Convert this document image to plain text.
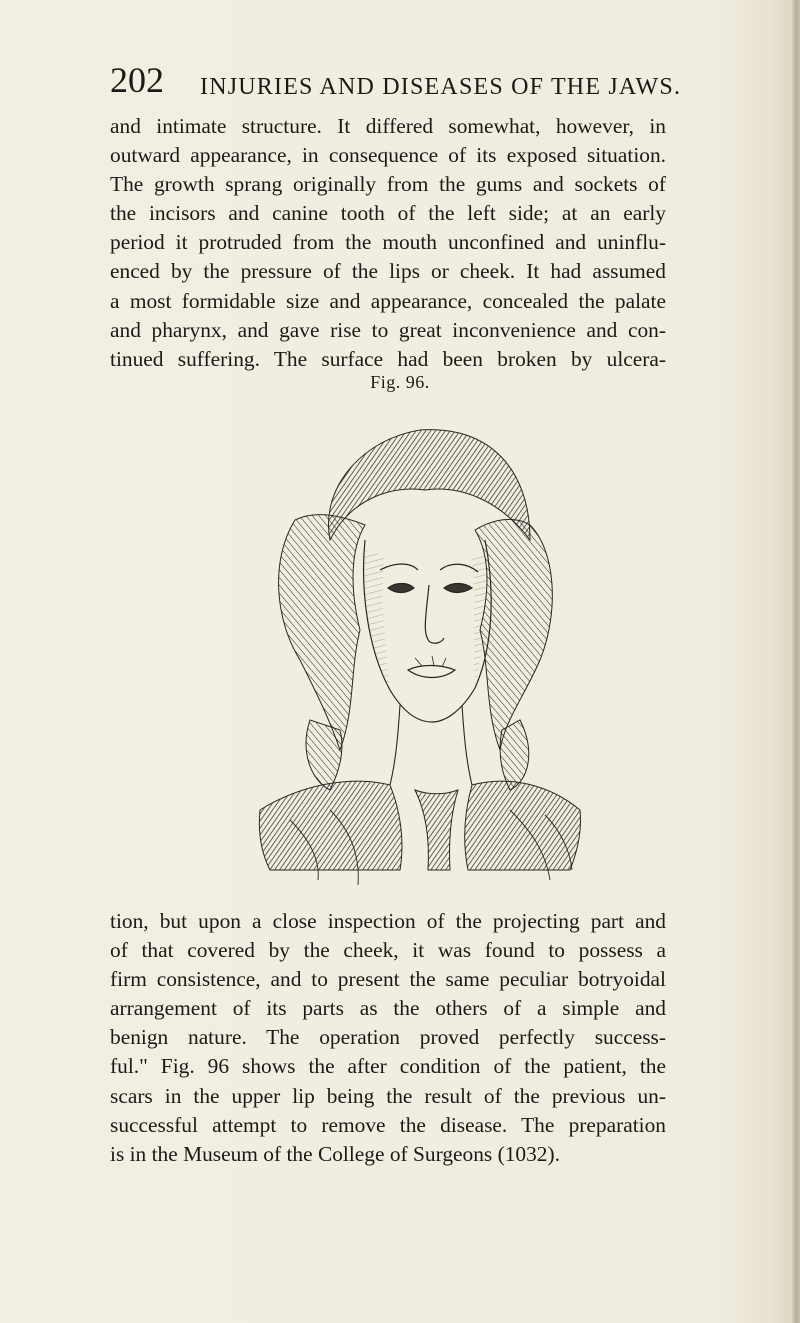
202 INJURIES AND DISEASES OF THE JAWS.
and intimate structure. It differed somewhat, however, in
outward appearance, in consequence of its exposed situation.
The growth sprang originally from the gums and sockets of
the incisors and canine tooth of the left side; at an early
period it protruded from the mouth unconfined and uninflu-
enced by the pressure of the lips or cheek. It had assumed
a most formidable size and appearance, concealed the palate
and pharynx, and gave rise to great inconvenience and con-
tinued suffering. The surface had been broken by ulcera-
Fig. 96.
tion, but upon a close inspection of the projecting part and
of that covered by the cheek, it was found to possess a
firm consistence, and to present the same peculiar botryoidal
arrangement of its parts as the others of a simple and
benign nature. The operation proved perfectly success-
ful." Fig. 96 shows the after condition of the patient, the
scars in the upper lip being the result of the previous un-
successful attempt to remove the disease. The preparation
is in the Museum of the College of Surgeons (1032).
